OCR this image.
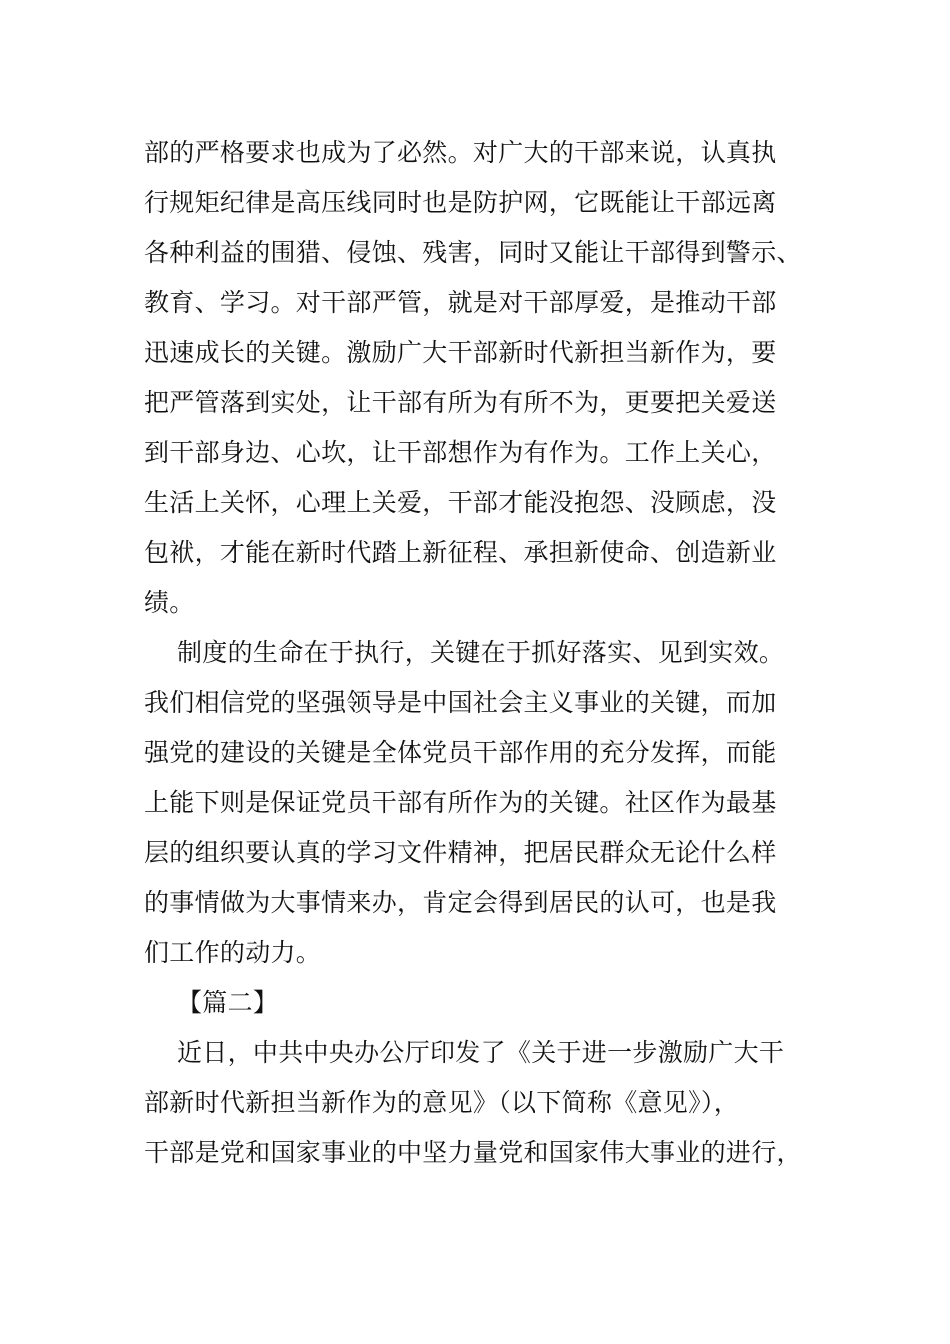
部的严格要求也成为了必然。对广大的干部来说，认真执
行规矩纪律是高压线同时也是防护网，它既能让干部远离
各种利益的围猎、侵蚀、残害，同时又能让干部得到警示、
教育、学习。对干部严管，就是对干部厚爱，是推动干部
迅速成长的关键。激励广大干部新时代新担当新作为，要
把严管落到实处，让干部有所为有所不为，更要把关爱送
到干部身边、心坎，让干部想作为有作为。工作上关心，
生活上关怀，心理上关爱，干部才能没抱怨、没顾虑，没
包袱，才能在新时代踏上新征程、承担新使命、创造新业
绩。
制度的生命在于执行，关键在于抓好落实、见到实效。
我们相信党的坚强领导是中国社会主义事业的关键，而加
强党的建设的关键是全体党员干部作用的充分发挥，而能
上能下则是保证党员干部有所作为的关键。社区作为最基
层的组织要认真的学习文件精神，把居民群众无论什么样
的事情做为大事情来办，肯定会得到居民的认可，也是我
们工作的动力。
【篇二】
近日，中共中央办公厅印发了《关于进一步激励广大干
部新时代新担当新作为的意见》（以下简称《意见》），
干部是党和国家事业的中坚力量党和国家伟大事业的进行，
